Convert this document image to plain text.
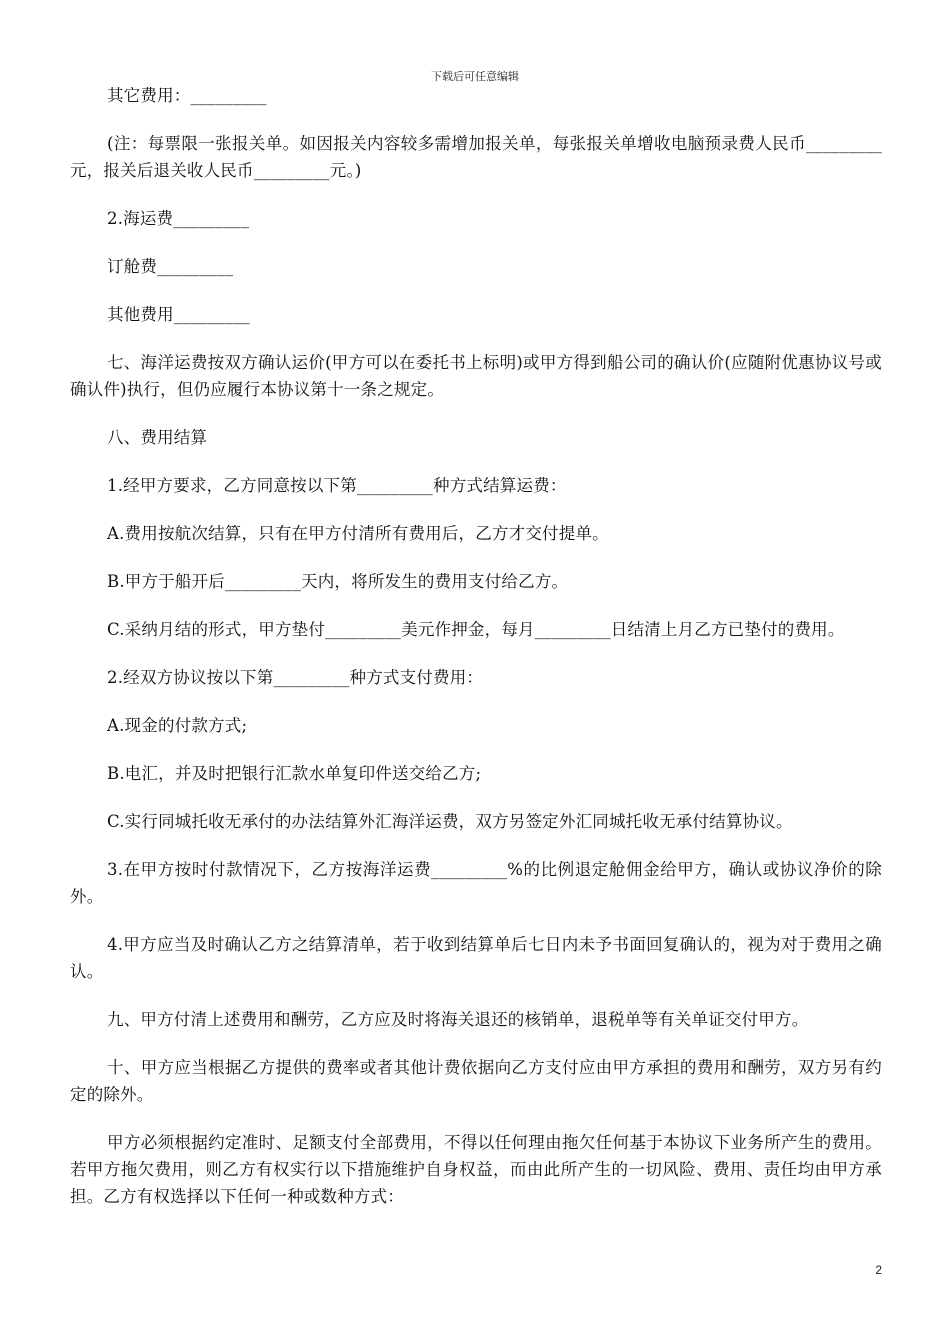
下载后可任意编辑

其它费用：_________

(注：每票限一张报关单。如因报关内容较多需增加报关单，每张报关单增收电脑预录费人民币_________元，报关后退关收人民币_________元。)

2.海运费_________

订舱费_________

其他费用_________

七、海洋运费按双方确认运价(甲方可以在委托书上标明)或甲方得到船公司的确认价(应随附优惠协议号或确认件)执行，但仍应履行本协议第十一条之规定。

八、费用结算

1.经甲方要求，乙方同意按以下第_________种方式结算运费：

A.费用按航次结算，只有在甲方付清所有费用后，乙方才交付提单。

B.甲方于船开后_________天内，将所发生的费用支付给乙方。

C.采纳月结的形式，甲方垫付_________美元作押金，每月_________日结清上月乙方已垫付的费用。

2.经双方协议按以下第_________种方式支付费用：

A.现金的付款方式;

B.电汇，并及时把银行汇款水单复印件送交给乙方;

C.实行同城托收无承付的办法结算外汇海洋运费，双方另签定外汇同城托收无承付结算协议。

3.在甲方按时付款情况下，乙方按海洋运费_________%的比例退定舱佣金给甲方，确认或协议净价的除外。

4.甲方应当及时确认乙方之结算清单，若于收到结算单后七日内未予书面回复确认的，视为对于费用之确认。

九、甲方付清上述费用和酬劳，乙方应及时将海关退还的核销单，退税单等有关单证交付甲方。

十、甲方应当根据乙方提供的费率或者其他计费依据向乙方支付应由甲方承担的费用和酬劳，双方另有约定的除外。

甲方必须根据约定准时、足额支付全部费用，不得以任何理由拖欠任何基于本协议下业务所产生的费用。若甲方拖欠费用，则乙方有权实行以下措施维护自身权益，而由此所产生的一切风险、费用、责任均由甲方承担。乙方有权选择以下任何一种或数种方式：

2
